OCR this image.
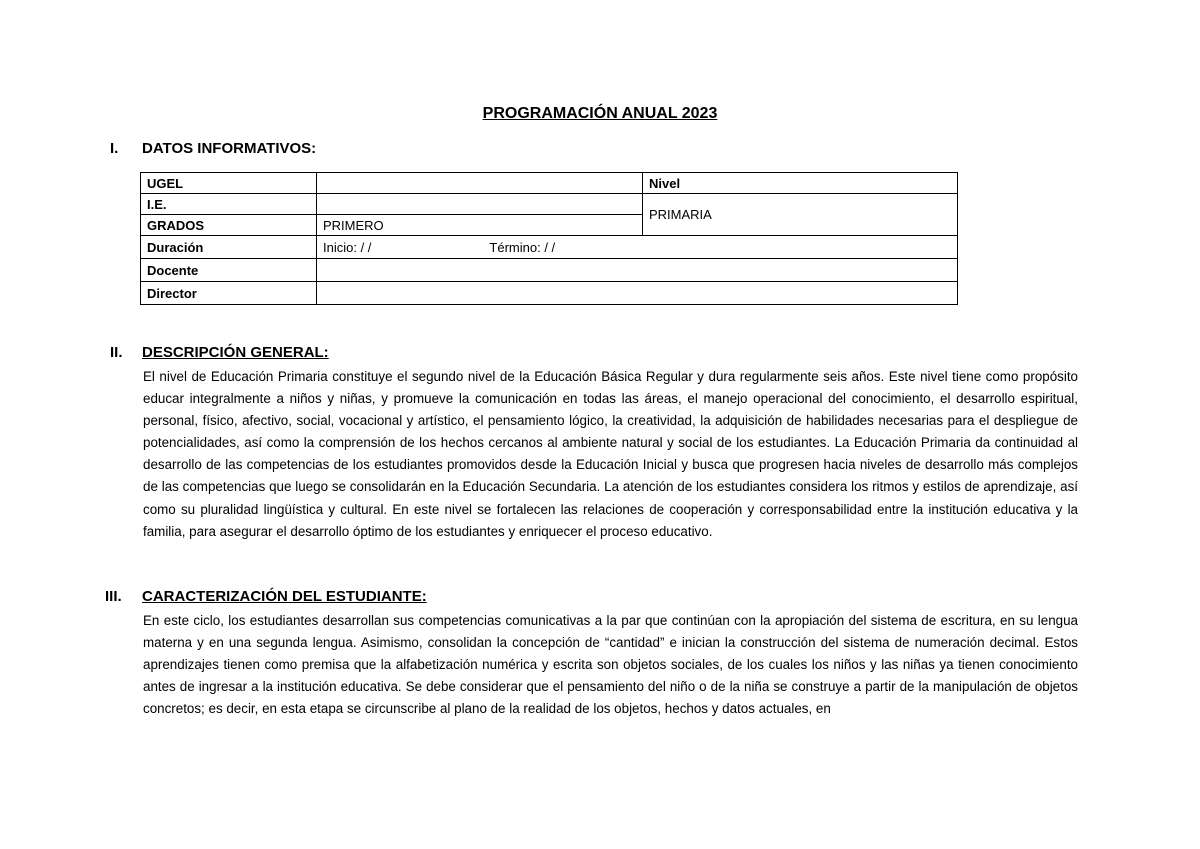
PROGRAMACIÓN ANUAL 2023
I. DATOS INFORMATIVOS:
UGEL		Nivel
I.E.		PRIMARIA
GRADOS	PRIMERO	
Duración	Inicio: / / Término: / /	
Docente		
Director		
II. DESCRIPCIÓN GENERAL:

El nivel de Educación Primaria constituye el segundo nivel de la Educación Básica Regular y dura regularmente seis años. Este nivel tiene como propósito educar integralmente a niños y niñas, y promueve la comunicación en todas las áreas, el manejo operacional del conocimiento, el desarrollo espiritual, personal, físico, afectivo, social, vocacional y artístico, el pensamiento lógico, la creatividad, la adquisición de habilidades necesarias para el despliegue de potencialidades, así como la comprensión de los hechos cercanos al ambiente natural y social de los estudiantes. La Educación Primaria da continuidad al desarrollo de las competencias de los estudiantes promovidos desde la Educación Inicial y busca que progresen hacia niveles de desarrollo más complejos de las competencias que luego se consolidarán en la Educación Secundaria. La atención de los estudiantes considera los ritmos y estilos de aprendizaje, así como su pluralidad lingüística y cultural. En este nivel se fortalecen las relaciones de cooperación y corresponsabilidad entre la institución educativa y la familia, para asegurar el desarrollo óptimo de los estudiantes y enriquecer el proceso educativo.

III. CARACTERIZACIÓN DEL ESTUDIANTE:

En este ciclo, los estudiantes desarrollan sus competencias comunicativas a la par que continúan con la apropiación del sistema de escritura, en su lengua materna y en una segunda lengua. Asimismo, consolidan la concepción de “cantidad” e inician la construcción del sistema de numeración decimal. Estos aprendizajes tienen como premisa que la alfabetización numérica y escrita son objetos sociales, de los cuales los niños y las niñas ya tienen conocimiento antes de ingresar a la institución educativa. Se debe considerar que el pensamiento del niño o de la niña se construye a partir de la manipulación de objetos concretos; es decir, en esta etapa se circunscribe al plano de la realidad de los objetos, hechos y datos actuales, en
